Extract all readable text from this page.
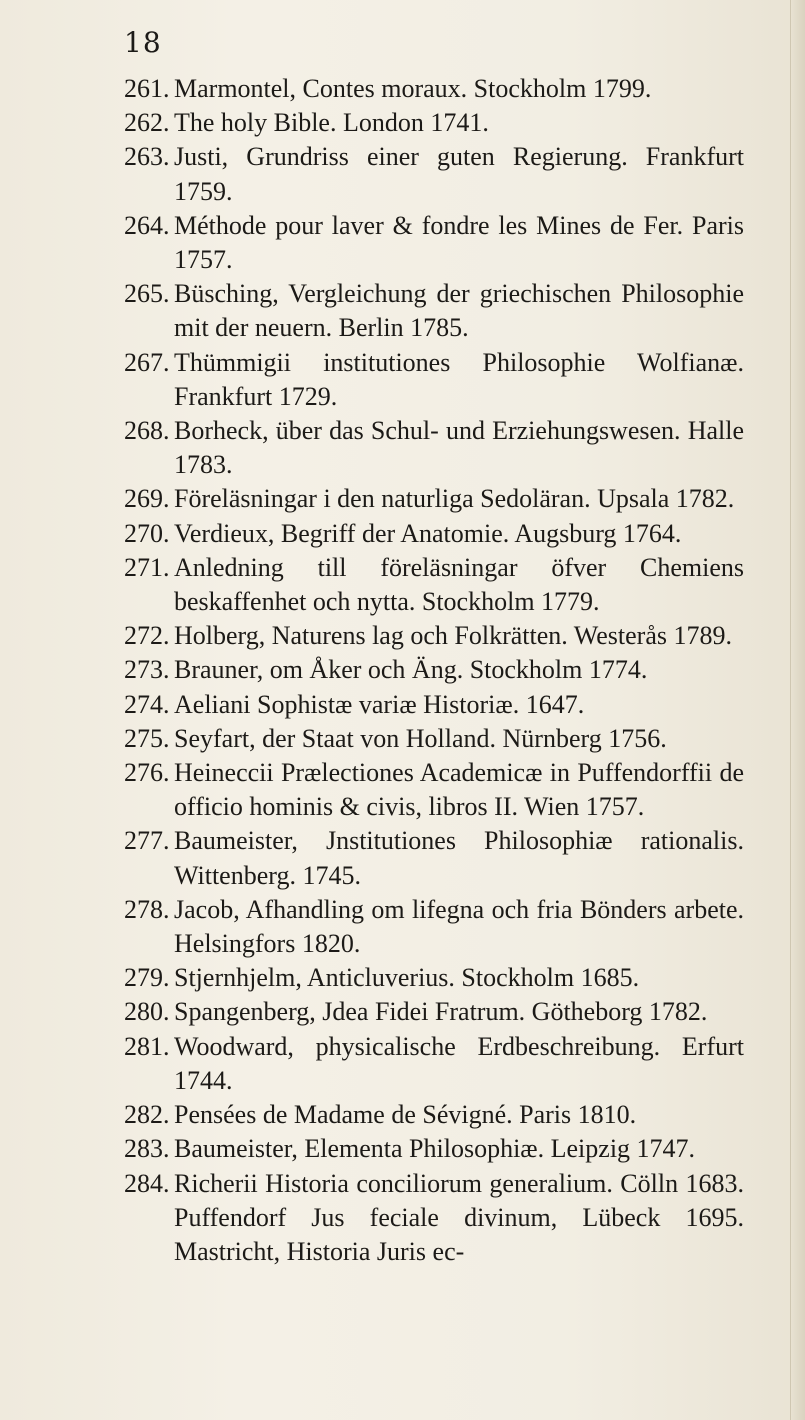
18

261. Marmontel, Contes moraux. Stockholm 1799.

262. The holy Bible. London 1741.

263. Justi, Grundriss einer guten Regierung. Frankfurt 1759.

264. Méthode pour laver & fondre les Mines de Fer. Paris 1757.

265. Büsching, Vergleichung der griechischen Philosophie mit der neuern. Berlin 1785.

267. Thümmigii institutiones Philosophie Wolfianæ. Frankfurt 1729.

268. Borheck, über das Schul- und Erziehungswesen. Halle 1783.

269. Föreläsningar i den naturliga Sedoläran. Upsala 1782.

270. Verdieux, Begriff der Anatomie. Augsburg 1764.

271. Anledning till föreläsningar öfver Chemiens beskaffenhet och nytta. Stockholm 1779.

272. Holberg, Naturens lag och Folkrätten. Westerås 1789.

273. Brauner, om Åker och Äng. Stockholm 1774.

274. Aeliani Sophistæ variæ Historiæ. 1647.

275. Seyfart, der Staat von Holland. Nürnberg 1756.

276. Heineccii Prælectiones Academicæ in Puffendorffii de officio hominis & civis, libros II. Wien 1757.

277. Baumeister, Jnstitutiones Philosophiæ rationalis. Wittenberg. 1745.

278. Jacob, Afhandling om lifegna och fria Bönders arbete. Helsingfors 1820.

279. Stjernhjelm, Anticluverius. Stockholm 1685.

280. Spangenberg, Jdea Fidei Fratrum. Götheborg 1782.

281. Woodward, physicalische Erdbeschreibung. Erfurt 1744.

282. Pensées de Madame de Sévigné. Paris 1810.

283. Baumeister, Elementa Philosophiæ. Leipzig 1747.

284. Richerii Historia conciliorum generalium. Cölln 1683. Puffendorf Jus feciale divinum, Lübeck 1695. Mastricht, Historia Juris ec-
